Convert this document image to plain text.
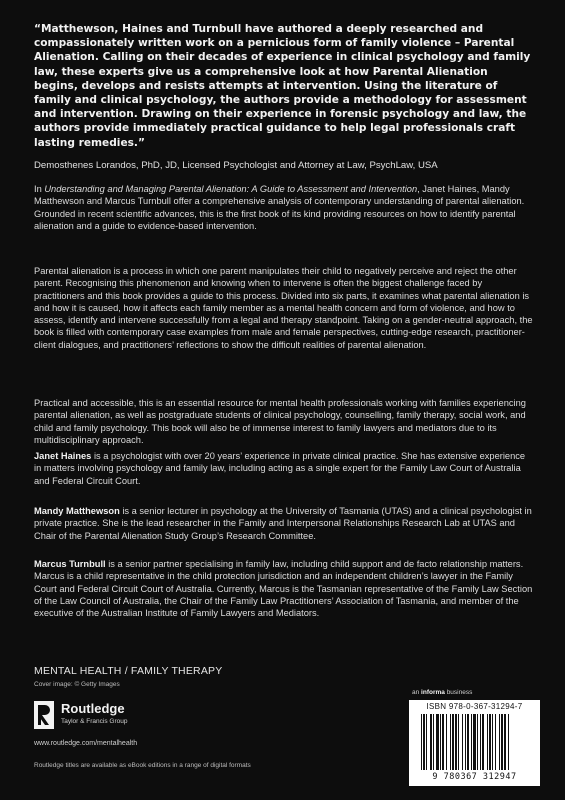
“Matthewson, Haines and Turnbull have authored a deeply researched and compassionately written work on a pernicious form of family violence – Parental Alienation. Calling on their decades of experience in clinical psychology and family law, these experts give us a comprehensive look at how Parental Alienation begins, develops and resists attempts at intervention. Using the literature of family and clinical psychology, the authors provide a methodology for assessment and intervention. Drawing on their experience in forensic psychology and law, the authors provide immediately practical guidance to help legal professionals craft lasting remedies.”
Demosthenes Lorandos, PhD, JD, Licensed Psychologist and Attorney at Law, PsychLaw, USA
In Understanding and Managing Parental Alienation: A Guide to Assessment and Intervention, Janet Haines, Mandy Matthewson and Marcus Turnbull offer a comprehensive analysis of contemporary understanding of parental alienation. Grounded in recent scientific advances, this is the first book of its kind providing resources on how to identify parental alienation and a guide to evidence-based intervention.
Parental alienation is a process in which one parent manipulates their child to negatively perceive and reject the other parent. Recognising this phenomenon and knowing when to intervene is often the biggest challenge faced by practitioners and this book provides a guide to this process. Divided into six parts, it examines what parental alienation is and how it is caused, how it affects each family member as a mental health concern and form of violence, and how to assess, identify and intervene successfully from a legal and therapy standpoint. Taking on a gender-neutral approach, the book is filled with contemporary case examples from male and female perspectives, cutting-edge research, practitioner-client dialogues, and practitioners’ reflections to show the difficult realities of parental alienation.
Practical and accessible, this is an essential resource for mental health professionals working with families experiencing parental alienation, as well as postgraduate students of clinical psychology, counselling, family therapy, social work, and child and family psychology. This book will also be of immense interest to family lawyers and mediators due to its multidisciplinary approach.
Janet Haines is a psychologist with over 20 years’ experience in private clinical practice. She has extensive experience in matters involving psychology and family law, including acting as a single expert for the Family Law Court of Australia and Federal Circuit Court.
Mandy Matthewson is a senior lecturer in psychology at the University of Tasmania (UTAS) and a clinical psychologist in private practice. She is the lead researcher in the Family and Interpersonal Relationships Research Lab at UTAS and Chair of the Parental Alienation Study Group’s Research Committee.
Marcus Turnbull is a senior partner specialising in family law, including child support and de facto relationship matters. Marcus is a child representative in the child protection jurisdiction and an independent children’s lawyer in the Family Court and Federal Circuit Court of Australia. Currently, Marcus is the Tasmanian representative of the Family Law Section of the Law Council of Australia, the Chair of the Family Law Practitioners’ Association of Tasmania, and member of the executive of the Australian Institute of Family Lawyers and Mediators.
MENTAL HEALTH / FAMILY THERAPY
Cover image: © Getty Images
Routledge
Taylor & Francis Group
www.routledge.com/mentalhealth
Routledge titles are available as eBook editions in a range of digital formats
an informa business
ISBN 978-0-367-31294-7
9 780367 312947
